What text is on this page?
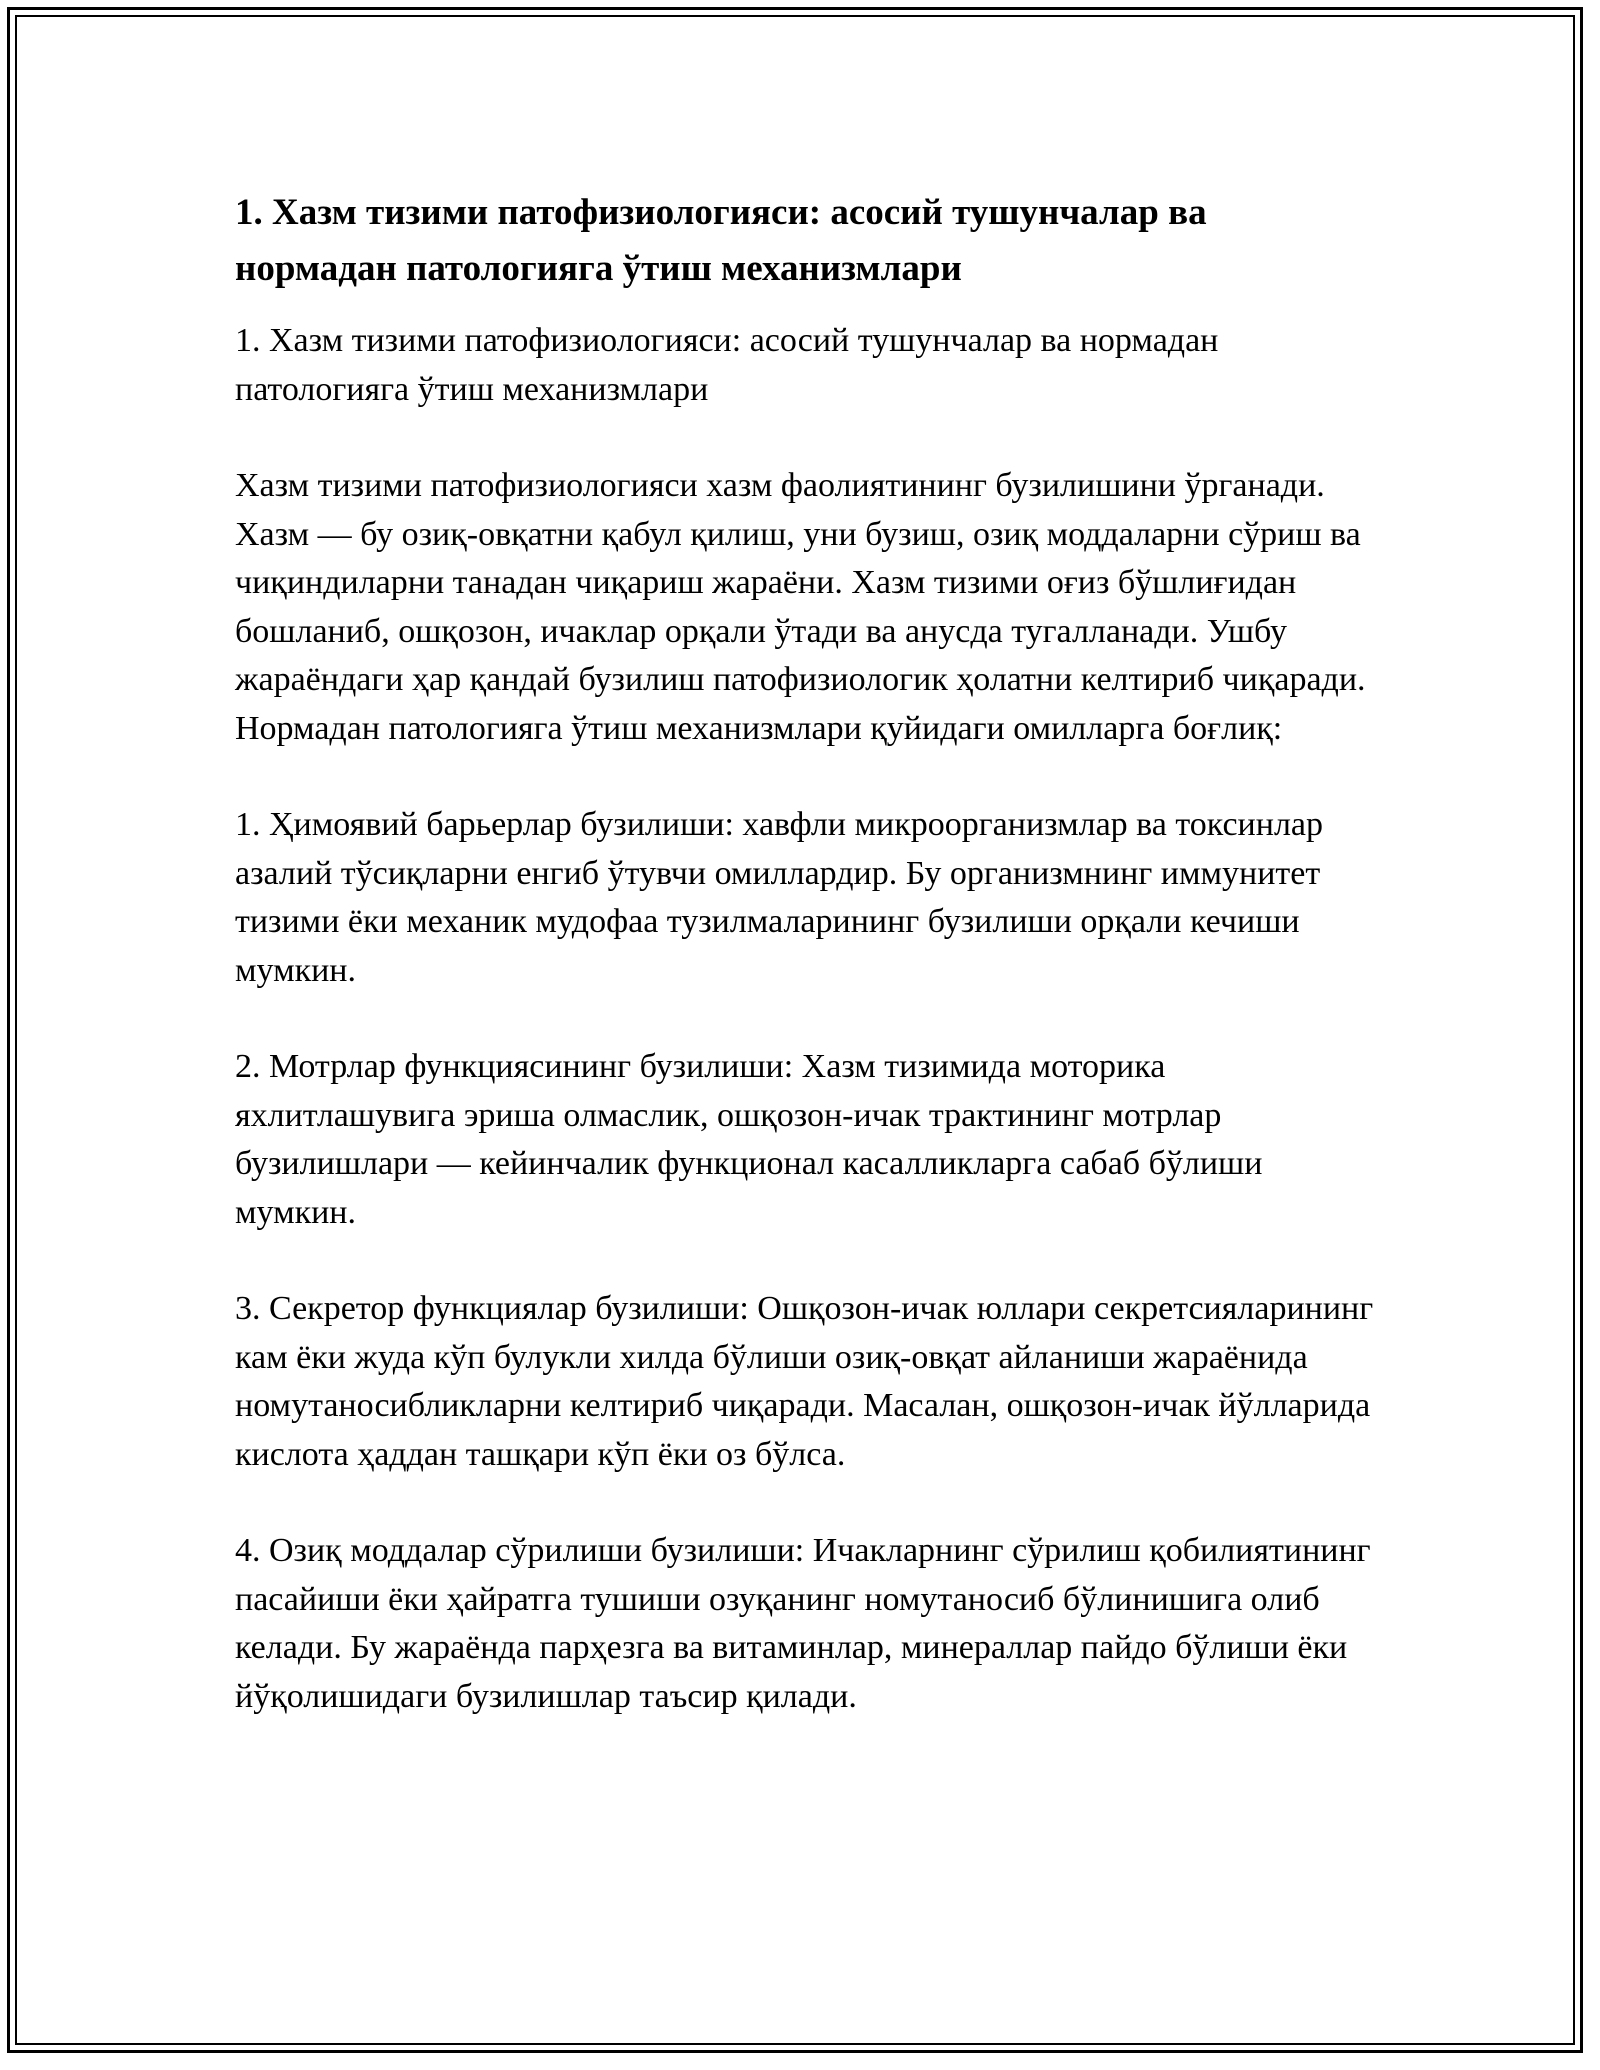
1. Хазм тизими патофизиологияси: асосий тушунчалар ва нормадан патологияга ўтиш механизмлари

1. Хазм тизими патофизиологияси: асосий тушунчалар ва нормадан патологияга ўтиш механизмлари

Хазм тизими патофизиологияси хазм фаолиятининг бузилишини ўрганади. Хазм — бу озиқ-овқатни қабул қилиш, уни бузиш, озиқ моддаларни сўриш ва чиқиндиларни танадан чиқариш жараёни. Хазм тизими оғиз бўшлиғидан бошланиб, ошқозон, ичаклар орқали ўтади ва анусда тугалланади. Ушбу жараёндаги ҳар қандай бузилиш патофизиологик ҳолатни келтириб чиқаради. Нормадан патологияга ўтиш механизмлари қуйидаги омилларга боғлиқ:

1. Ҳимоявий барьерлар бузилиши: хавфли микроорганизмлар ва токсинлар азалий тўсиқларни енгиб ўтувчи омиллардир. Бу организмнинг иммунитет тизими ёки механик мудофаа тузилмаларининг бузилиши орқали кечиши мумкин.

2. Мотрлар функциясининг бузилиши: Хазм тизимида моторика яхлитлашувига эриша олмаслик, ошқозон-ичак трактининг мотрлар бузилишлари — кейинчалик функционал касалликларга сабаб бўлиши мумкин.

3. Секретор функциялар бузилиши: Ошқозон-ичак юллари секретсияларининг кам ёки жуда кўп булукли хилда бўлиши озиқ-овқат айланиши жараёнида номутаносибликларни келтириб чиқаради. Масалан, ошқозон-ичак йўлларида кислота ҳаддан ташқари кўп ёки оз бўлса.

4. Озиқ моддалар сўрилиши бузилиши: Ичакларнинг сўрилиш қобилиятининг пасайиши ёки ҳайратга тушиши озуқанинг номутаносиб бўлинишига олиб келади. Бу жараёнда парҳезга ва витаминлар, минераллар пайдо бўлиши ёки йўқолишидаги бузилишлар таъсир қилади.
